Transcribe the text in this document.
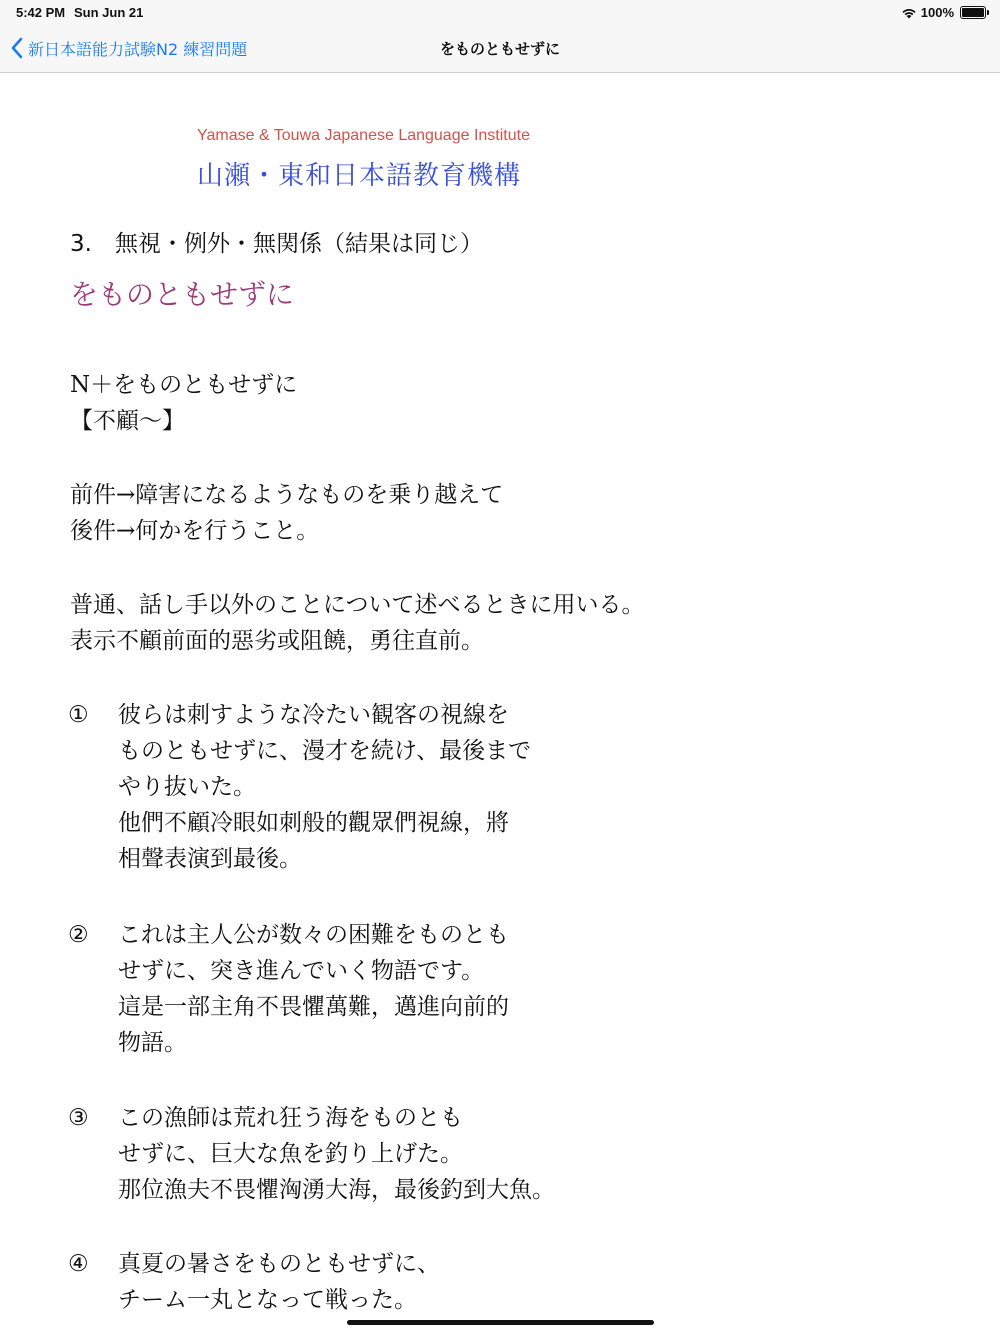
5:42 PM Sun Jun 21	100%
新日本語能力試験N2 練習問題	をものともせずに
Yamase & Touwa Japanese Language Institute
山瀬・東和日本語教育機構
3.　無視・例外・無関係（結果は同じ）
をものともせずに
N＋をものともせずに
【不顧～】
前件→障害になるようなものを乗り越えて
後件→何かを行うこと。
普通、話し手以外のことについて述べるときに用いる。
表示不顧前面的惡劣或阻饒，勇往直前。
①	彼らは刺すような冷たい観客の視線を
ものともせずに、漫才を続け、最後まで
やり抜いた。
他們不顧冷眼如刺般的觀眾們視線，將
相聲表演到最後。
②	これは主人公が数々の困難をものとも
せずに、突き進んでいく物語です。
這是一部主角不畏懼萬難，邁進向前的
物語。
③	この漁師は荒れ狂う海をものとも
せずに、巨大な魚を釣り上げた。
那位漁夫不畏懼洶湧大海，最後釣到大魚。
④	真夏の暑さをものともせずに、
チーム一丸となって戦った。
